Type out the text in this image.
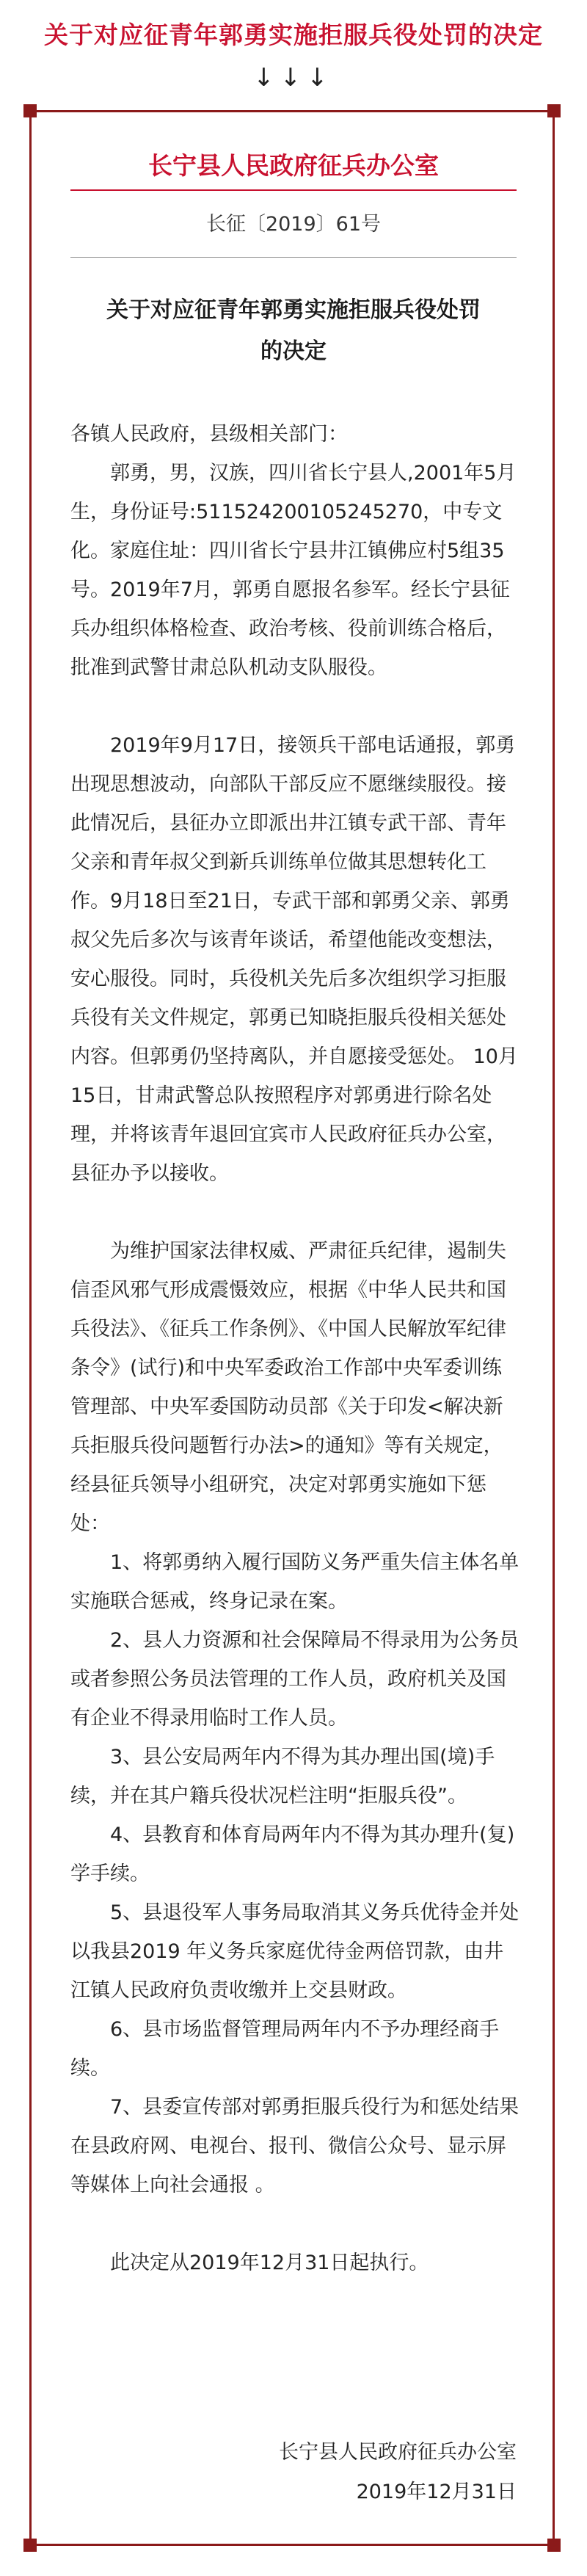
关于对应征青年郭勇实施拒服兵役处罚的决定
↓↓↓
长宁县人民政府征兵办公室
长征〔2019〕61号
关于对应征青年郭勇实施拒服兵役处罚的决定

各镇人民政府，县级相关部门：

郭勇，男，汉族，四川省长宁县人,2001年5月生，身份证号:511524200105245270，中专文化。家庭住址：四川省长宁县井江镇佛应村5组35号。2019年7月，郭勇自愿报名参军。经长宁县征兵办组织体格检查、政治考核、役前训练合格后，批准到武警甘肃总队机动支队服役。

2019年9月17日，接领兵干部电话通报，郭勇出现思想波动，向部队干部反应不愿继续服役。接此情况后，县征办立即派出井江镇专武干部、青年父亲和青年叔父到新兵训练单位做其思想转化工作。9月18日至21日，专武干部和郭勇父亲、郭勇叔父先后多次与该青年谈话，希望他能改变想法，安心服役。同时，兵役机关先后多次组织学习拒服兵役有关文件规定，郭勇已知晓拒服兵役相关惩处内容。但郭勇仍坚持离队，并自愿接受惩处。 10月15日，甘肃武警总队按照程序对郭勇进行除名处理，并将该青年退回宜宾市人民政府征兵办公室，县征办予以接收。

为维护国家法律权威、严肃征兵纪律，遏制失信歪风邪气形成震慑效应，根据《中华人民共和国兵役法》、《征兵工作条例》、《中国人民解放军纪律条令》(试行)和中央军委政治工作部中央军委训练管理部、中央军委国防动员部《关于印发<解决新兵拒服兵役问题暂行办法>的通知》等有关规定，经县征兵领导小组研究，决定对郭勇实施如下惩处：

1、将郭勇纳入履行国防义务严重失信主体名单实施联合惩戒，终身记录在案。

2、县人力资源和社会保障局不得录用为公务员或者参照公务员法管理的工作人员，政府机关及国有企业不得录用临时工作人员。

3、县公安局两年内不得为其办理出国(境)手续，并在其户籍兵役状况栏注明“拒服兵役”。

4、县教育和体育局两年内不得为其办理升(复)学手续。

5、县退役军人事务局取消其义务兵优待金并处以我县2019 年义务兵家庭优待金两倍罚款，由井江镇人民政府负责收缴并上交县财政。

6、县市场监督管理局两年内不予办理经商手续。

7、县委宣传部对郭勇拒服兵役行为和惩处结果在县政府网、电视台、报刊、微信公众号、显示屏等媒体上向社会通报 。

此决定从2019年12月31日起执行。

长宁县人民政府征兵办公室
2019年12月31日
